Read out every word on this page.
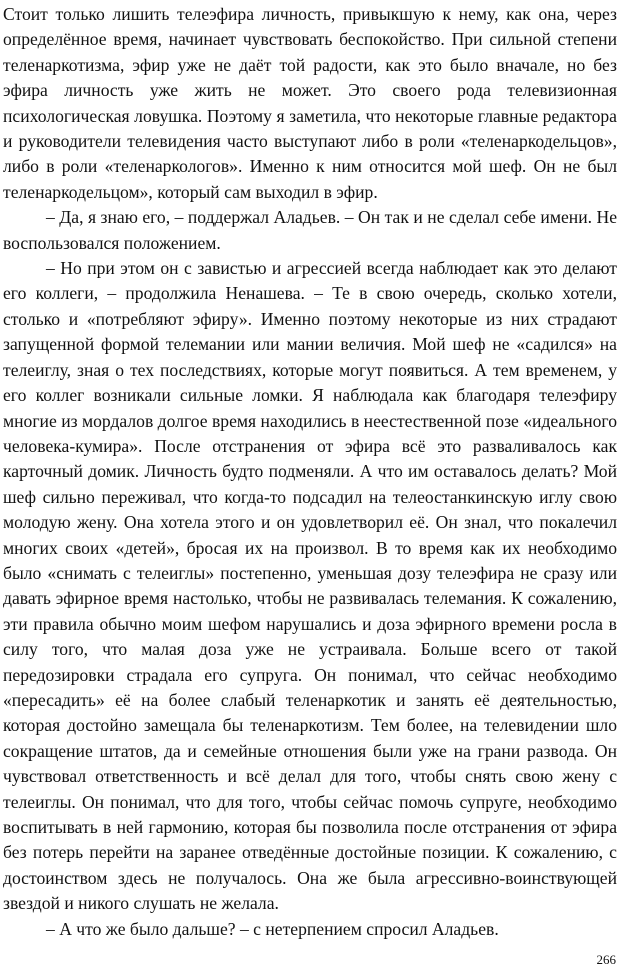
Стоит только лишить телеэфира личность, привыкшую к нему, как она, через определённое время, начинает чувствовать беспокойство. При сильной степени теленаркотизма, эфир уже не даёт той радости, как это было вначале, но без эфира личность уже жить не может. Это своего рода телевизионная психологическая ловушка. Поэтому я заметила, что некоторые главные редактора и руководители телевидения часто выступают либо в роли «теленаркодельцов», либо в роли «теленаркологов». Именно к ним относится мой шеф. Он не был теленаркодельцом», который сам выходил в эфир.

– Да, я знаю его, – поддержал Аладьев. – Он так и не сделал себе имени. Не воспользовался положением.

– Но при этом он с завистью и агрессией всегда наблюдает как это делают его коллеги, – продолжила Ненашева. – Те в свою очередь, сколько хотели, столько и «потребляют эфиру». Именно поэтому некоторые из них страдают запущенной формой телемании или мании величия. Мой шеф не «садился» на телеиглу, зная о тех последствиях, которые могут появиться. А тем временем, у его коллег возникали сильные ломки. Я наблюдала как благодаря телеэфиру многие из мордалов долгое время находились в неестественной позе «идеального человека-кумира». После отстранения от эфира всё это разваливалось как карточный домик. Личность будто подменяли. А что им оставалось делать? Мой шеф сильно переживал, что когда-то подсадил на телеостанкинскую иглу свою молодую жену. Она хотела этого и он удовлетворил её. Он знал, что покалечил многих своих «детей», бросая их на произвол. В то время как их необходимо было «снимать с телеиглы» постепенно, уменьшая дозу телеэфира не сразу или давать эфирное время настолько, чтобы не развивалась телемания. К сожалению, эти правила обычно моим шефом нарушались и доза эфирного времени росла в силу того, что малая доза уже не устраивала. Больше всего от такой передозировки страдала его супруга. Он понимал, что сейчас необходимо «пересадить» её на более слабый теленаркотик и занять её деятельностью, которая достойно замещала бы теленаркотизм. Тем более, на телевидении шло сокращение штатов, да и семейные отношения были уже на грани развода. Он чувствовал ответственность и всё делал для того, чтобы снять свою жену с телеиглы. Он понимал, что для того, чтобы сейчас помочь супруге, необходимо воспитывать в ней гармонию, которая бы позволила после отстранения от эфира без потерь перейти на заранее отведённые достойные позиции. К сожалению, с достоинством здесь не получалось. Она же была агрессивно-воинствующей звездой и никого слушать не желала.

– А что же было дальше? – с нетерпением спросил Аладьев.

266
